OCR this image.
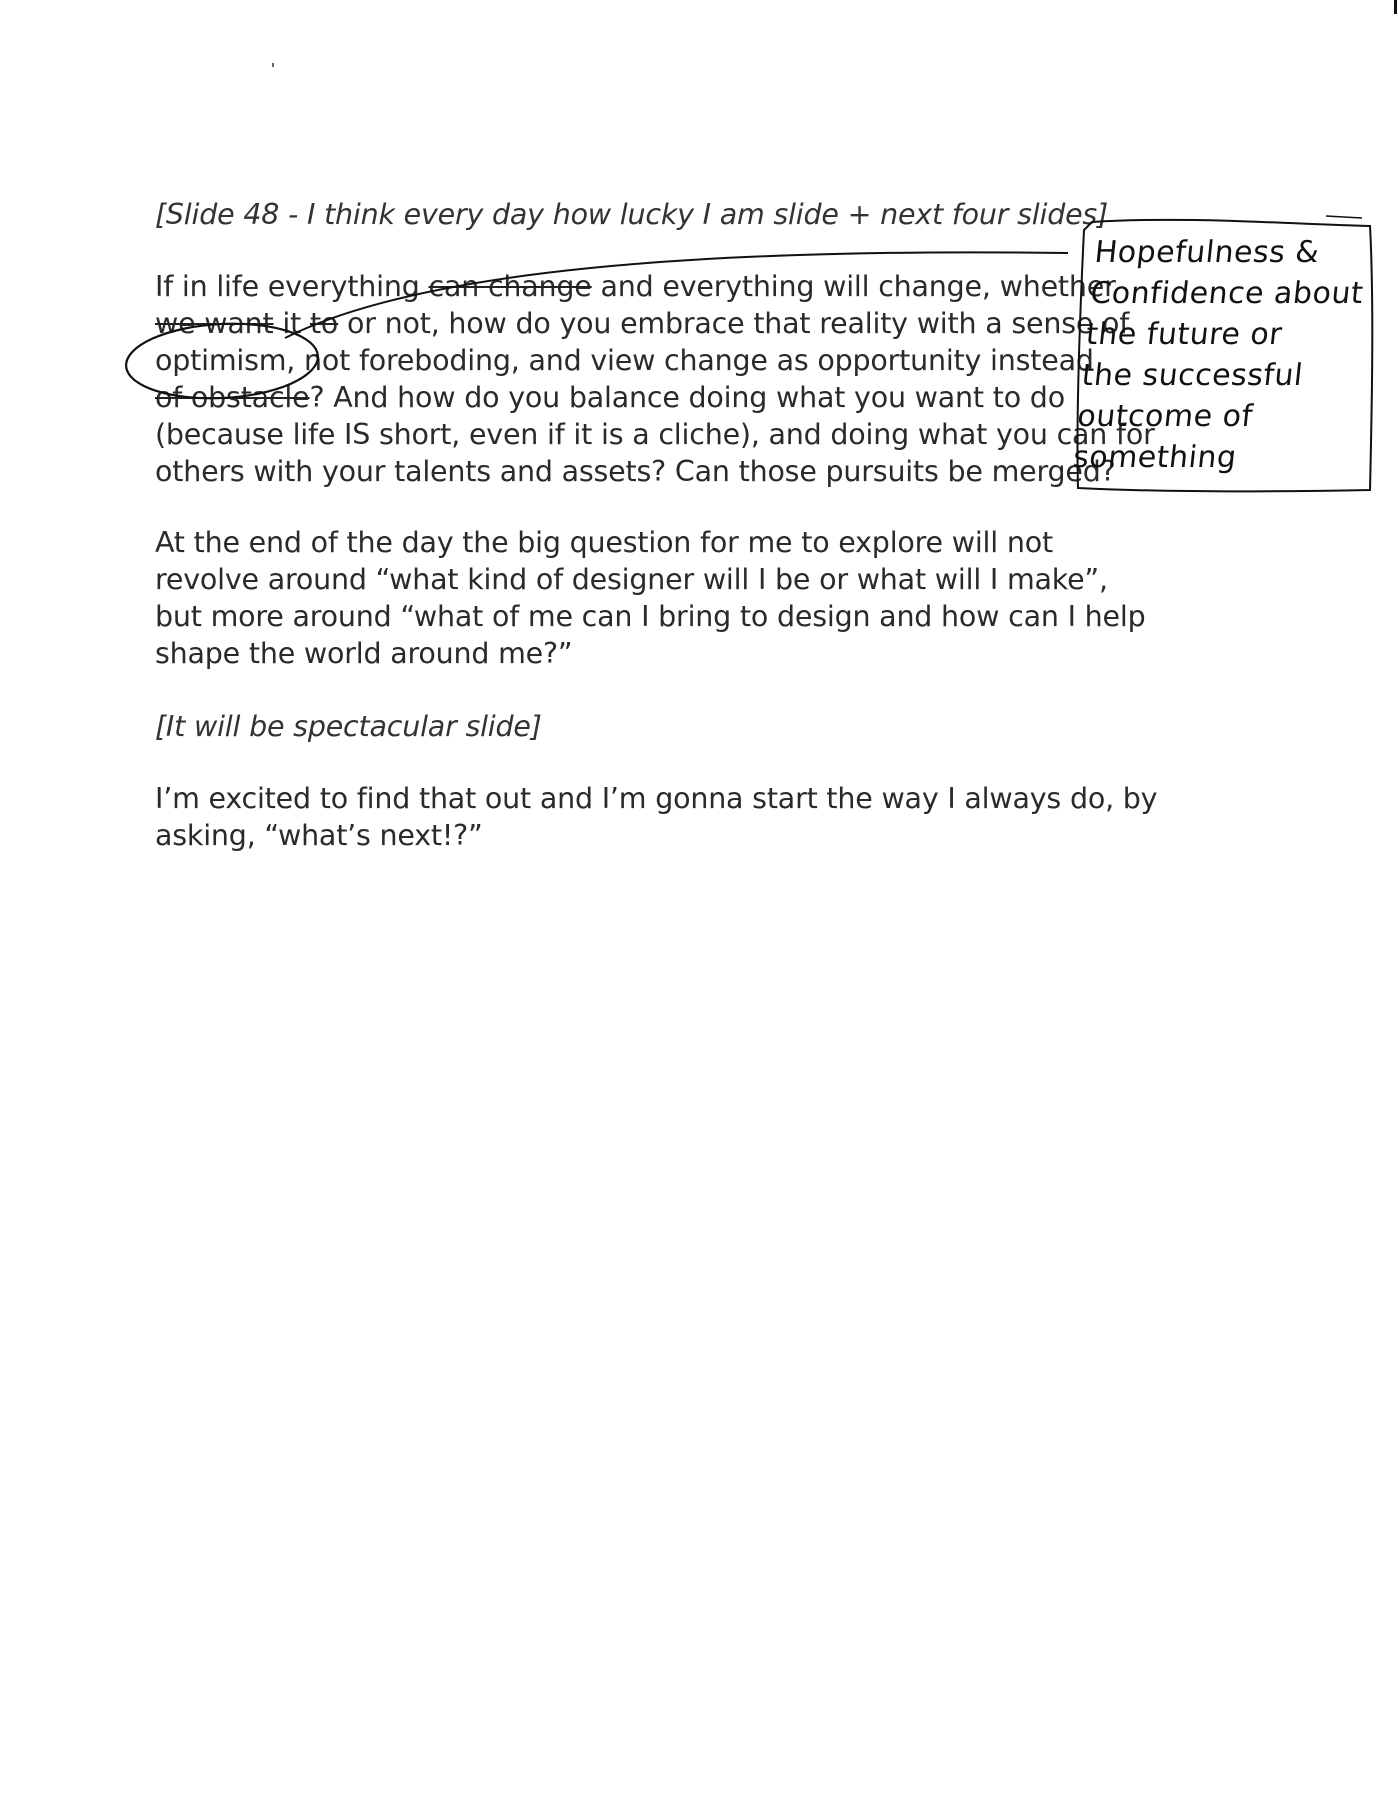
[Slide 48 - I think every day how lucky I am slide + next four slides]
If in life everything can change and everything will change, whether
we want it to or not, how do you embrace that reality with a sense of
optimism, not foreboding, and view change as opportunity instead
of obstacle? And how do you balance doing what you want to do
(because life IS short, even if it is a cliche), and doing what you can for
others with your talents and assets? Can those pursuits be merged?
At the end of the day the big question for me to explore will not
revolve around “what kind of designer will I be or what will I make”,
but more around “what of me can I bring to design and how can I help
shape the world around me?”
[It will be spectacular slide]
I’m excited to find that out and I’m gonna start the way I always do, by
asking, “what’s next!?”
Hopefulness &
Confidence about
the future or
the successful
outcome of
something
